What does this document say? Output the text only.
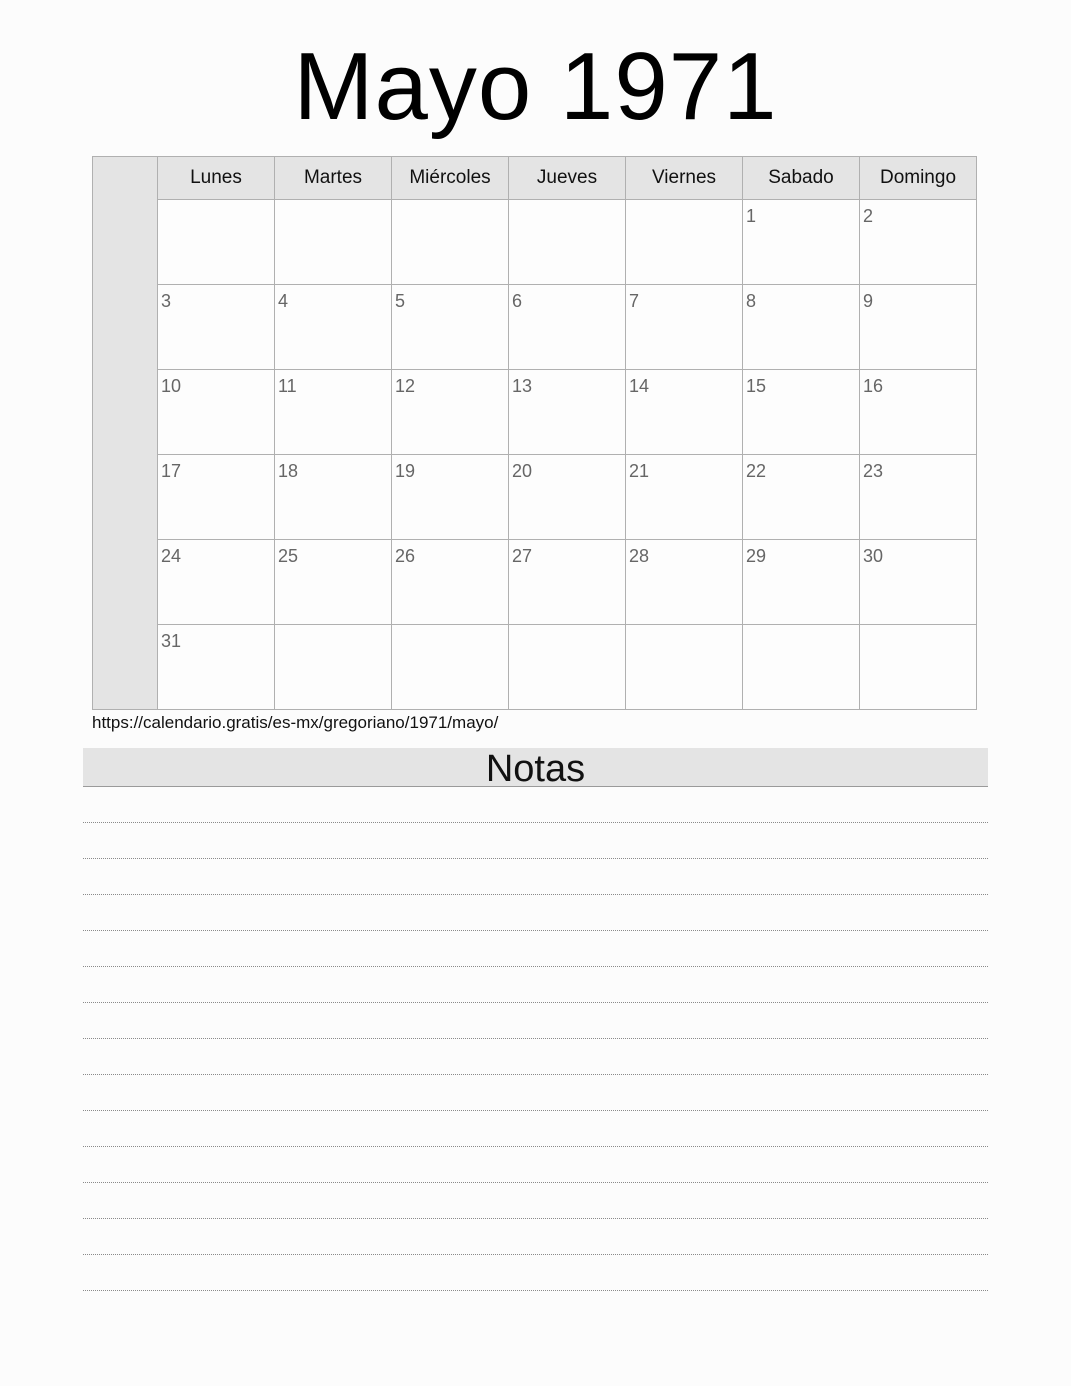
Mayo 1971
Lunes	Martes	Miércoles	Jueves	Viernes	Sabado	Domingo

					1	2

3	4	5	6	7	8	9

10	11	12	13	14	15	16

17	18	19	20	21	22	23

24	25	26	27	28	29	30

31						

https://calendario.gratis/es-mx/gregoriano/1971/mayo/
Notas
